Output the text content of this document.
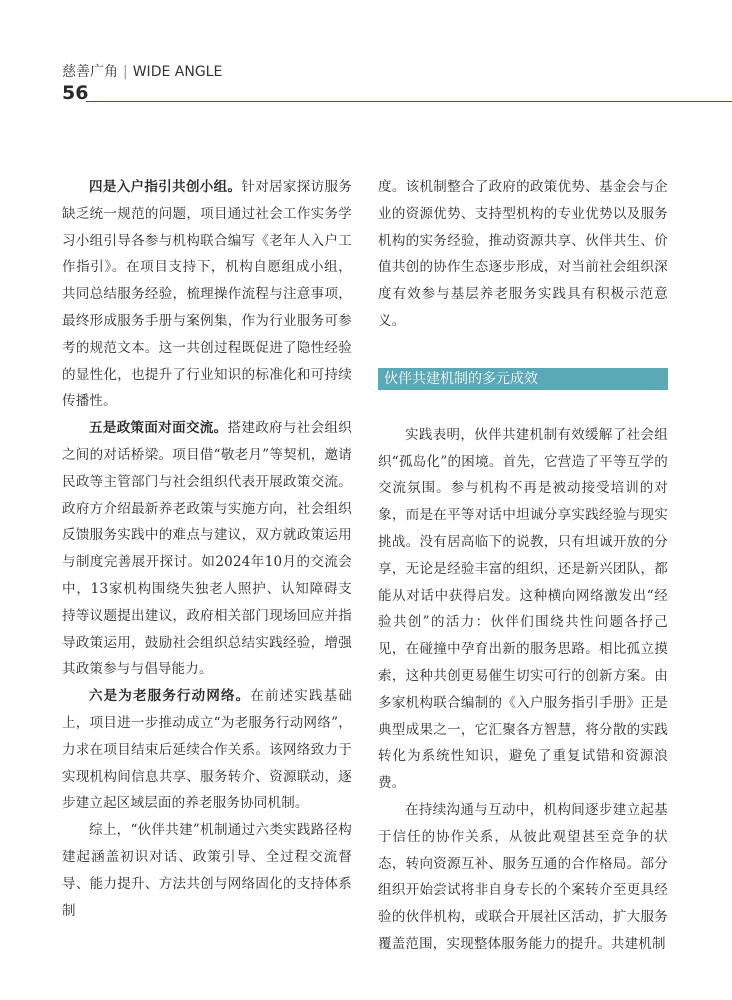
慈善广角 | WIDE ANGLE
56

四是入户指引共创小组。针对居家探访服务缺乏统一规范的问题，项目通过社会工作实务学习小组引导各参与机构联合编写《老年人入户工作指引》。在项目支持下，机构自愿组成小组，共同总结服务经验，梳理操作流程与注意事项，最终形成服务手册与案例集，作为行业服务可参考的规范文本。这一共创过程既促进了隐性经验的显性化，也提升了行业知识的标准化和可持续传播性。

五是政策面对面交流。搭建政府与社会组织之间的对话桥梁。项目借“敬老月”等契机，邀请民政等主管部门与社会组织代表开展政策交流。政府方介绍最新养老政策与实施方向，社会组织反馈服务实践中的难点与建议，双方就政策运用与制度完善展开探讨。如2024年10月的交流会中，13家机构围绕失独老人照护、认知障碍支持等议题提出建议，政府相关部门现场回应并指导政策运用，鼓励社会组织总结实践经验，增强其政策参与与倡导能力。

六是为老服务行动网络。在前述实践基础上，项目进一步推动成立“为老服务行动网络”，力求在项目结束后延续合作关系。该网络致力于实现机构间信息共享、服务转介、资源联动，逐步建立起区域层面的养老服务协同机制。

综上，“伙伴共建”机制通过六类实践路径构建起涵盖初识对话、政策引导、全过程交流督导、能力提升、方法共创与网络固化的支持体系制

度。该机制整合了政府的政策优势、基金会与企业的资源优势、支持型机构的专业优势以及服务机构的实务经验，推动资源共享、伙伴共生、价值共创的协作生态逐步形成，对当前社会组织深度有效参与基层养老服务实践具有积极示范意义。

伙伴共建机制的多元成效

实践表明，伙伴共建机制有效缓解了社会组织“孤岛化”的困境。首先，它营造了平等互学的交流氛围。参与机构不再是被动接受培训的对象，而是在平等对话中坦诚分享实践经验与现实挑战。没有居高临下的说教，只有坦诚开放的分享，无论是经验丰富的组织，还是新兴团队，都能从对话中获得启发。这种横向网络激发出“经验共创”的活力：伙伴们围绕共性问题各抒己见，在碰撞中孕育出新的服务思路。相比孤立摸索，这种共创更易催生切实可行的创新方案。由多家机构联合编制的《入户服务指引手册》正是典型成果之一，它汇聚各方智慧，将分散的实践转化为系统性知识，避免了重复试错和资源浪费。

在持续沟通与互动中，机构间逐步建立起基于信任的协作关系，从彼此观望甚至竞争的状态，转向资源互补、服务互通的合作格局。部分组织开始尝试将非自身专长的个案转介至更具经验的伙伴机构，或联合开展社区活动，扩大服务覆盖范围，实现整体服务能力的提升。共建机制
